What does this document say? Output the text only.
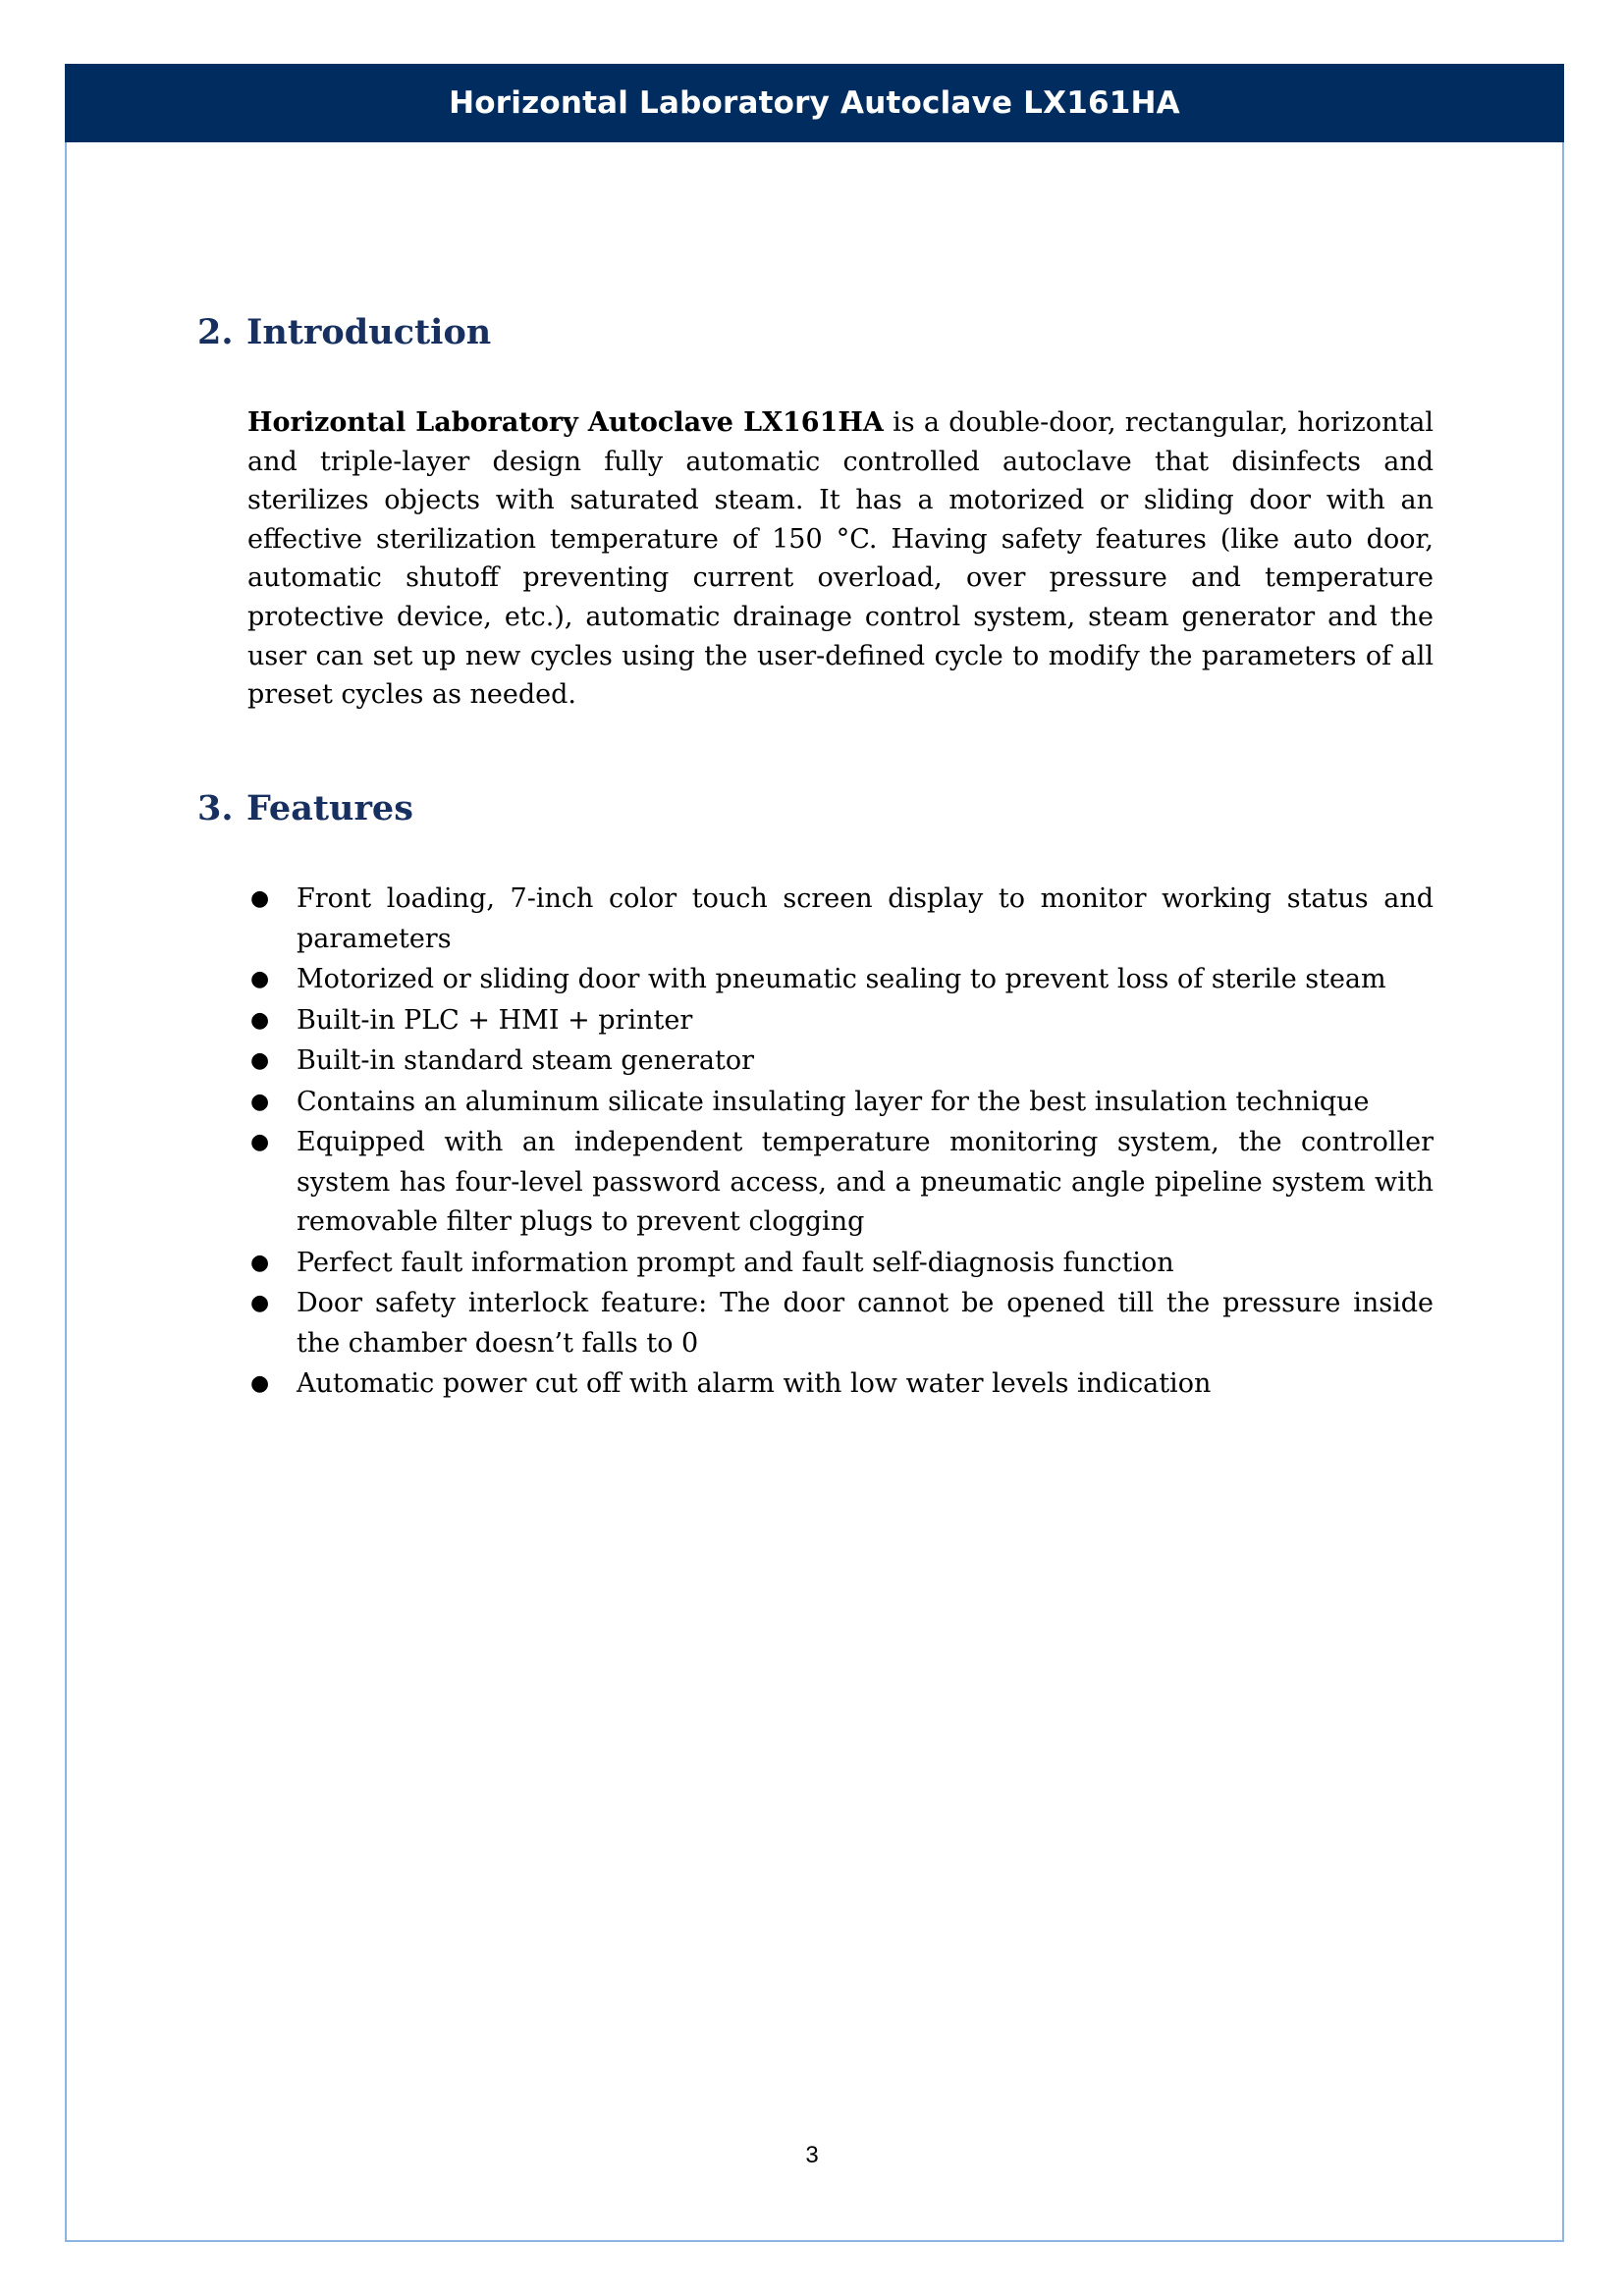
Horizontal Laboratory Autoclave LX161HA
2. Introduction
Horizontal Laboratory Autoclave LX161HA is a double-door, rectangular, horizontal and triple-layer design fully automatic controlled autoclave that disinfects and sterilizes objects with saturated steam. It has a motorized or sliding door with an effective sterilization temperature of 150 °C. Having safety features (like auto door, automatic shutoff preventing current overload, over pressure and temperature protective device, etc.), automatic drainage control system, steam generator and the user can set up new cycles using the user-defined cycle to modify the parameters of all preset cycles as needed.
3. Features
● Front loading, 7-inch color touch screen display to monitor working status and parameters
● Motorized or sliding door with pneumatic sealing to prevent loss of sterile steam
● Built-in PLC + HMI + printer
● Built-in standard steam generator
● Contains an aluminum silicate insulating layer for the best insulation technique
● Equipped with an independent temperature monitoring system, the controller system has four-level password access, and a pneumatic angle pipeline system with removable filter plugs to prevent clogging
● Perfect fault information prompt and fault self-diagnosis function
● Door safety interlock feature: The door cannot be opened till the pressure inside the chamber doesn’t falls to 0
● Automatic power cut off with alarm with low water levels indication
3
